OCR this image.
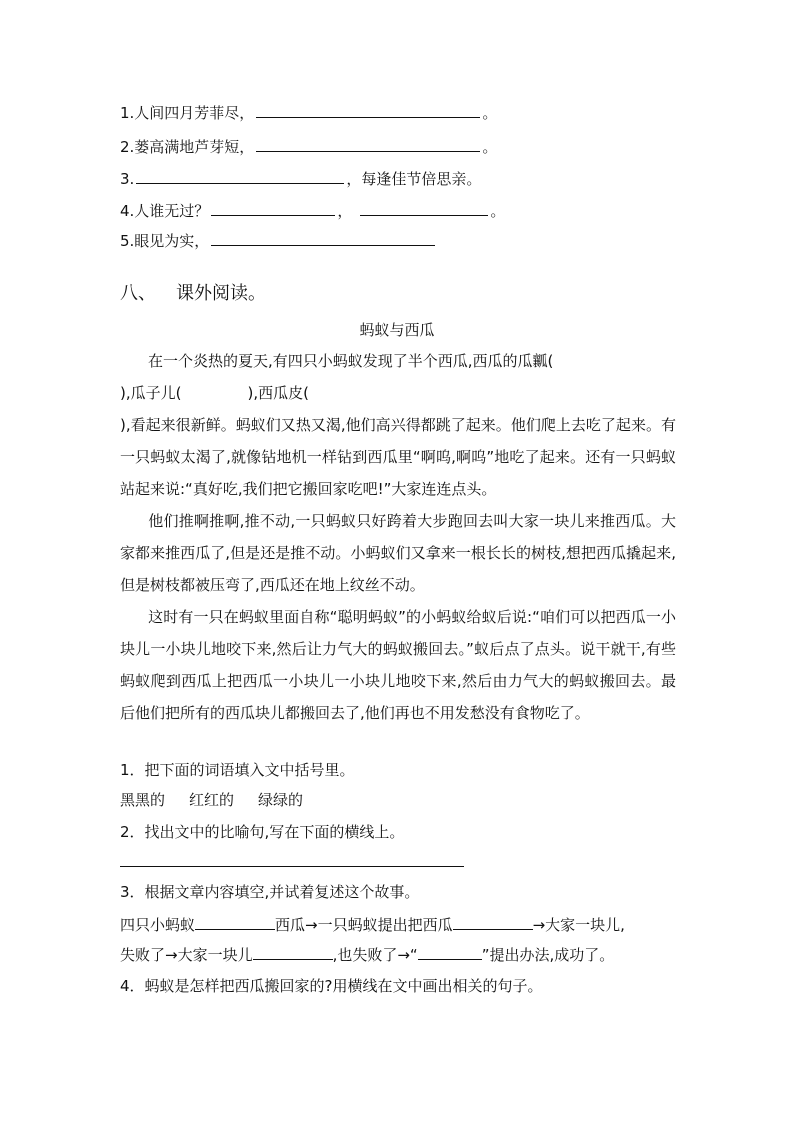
1.人间四月芳菲尽，	。
2.蒌高满地芦芽短，	。
3.	，每逢佳节倍思亲。
4.人谁无过？	，	。
5.眼见为实，
八、 课外阅读。
蚂蚁与西瓜

在一个炎热的夏天,有四只小蚂蚁发现了半个西瓜,西瓜的瓜瓤(
),瓜子儿(	),西瓜皮(
),看起来很新鲜。蚂蚁们又热又渴,他们高兴得都跳了起来。他们爬上去吃了起来。有一只蚂蚁太渴了,就像钻地机一样钻到西瓜里“啊呜,啊呜”地吃了起来。还有一只蚂蚁站起来说:“真好吃,我们把它搬回家吃吧!”大家连连点头。

他们推啊推啊,推不动,一只蚂蚁只好跨着大步跑回去叫大家一块儿来推西瓜。大家都来推西瓜了,但是还是推不动。小蚂蚁们又拿来一根长长的树枝,想把西瓜撬起来,但是树枝都被压弯了,西瓜还在地上纹丝不动。

这时有一只在蚂蚁里面自称“聪明蚂蚁”的小蚂蚁给蚁后说:“咱们可以把西瓜一小块儿一小块儿地咬下来,然后让力气大的蚂蚁搬回去。”蚁后点了点头。说干就干,有些蚂蚁爬到西瓜上把西瓜一小块儿一小块儿地咬下来,然后由力气大的蚂蚁搬回去。最后他们把所有的西瓜块儿都搬回去了,他们再也不用发愁没有食物吃了。

1．把下面的词语填入文中括号里。
黑黑的 红红的 绿绿的
2．找出文中的比喻句,写在下面的横线上。
3．根据文章内容填空,并试着复述这个故事。
四只小蚂蚁	西瓜→一只蚂蚁提出把西瓜	→大家一块儿,
失败了→大家一块儿	,也失败了→“	”提出办法,成功了。
4．蚂蚁是怎样把西瓜搬回家的?用横线在文中画出相关的句子。
